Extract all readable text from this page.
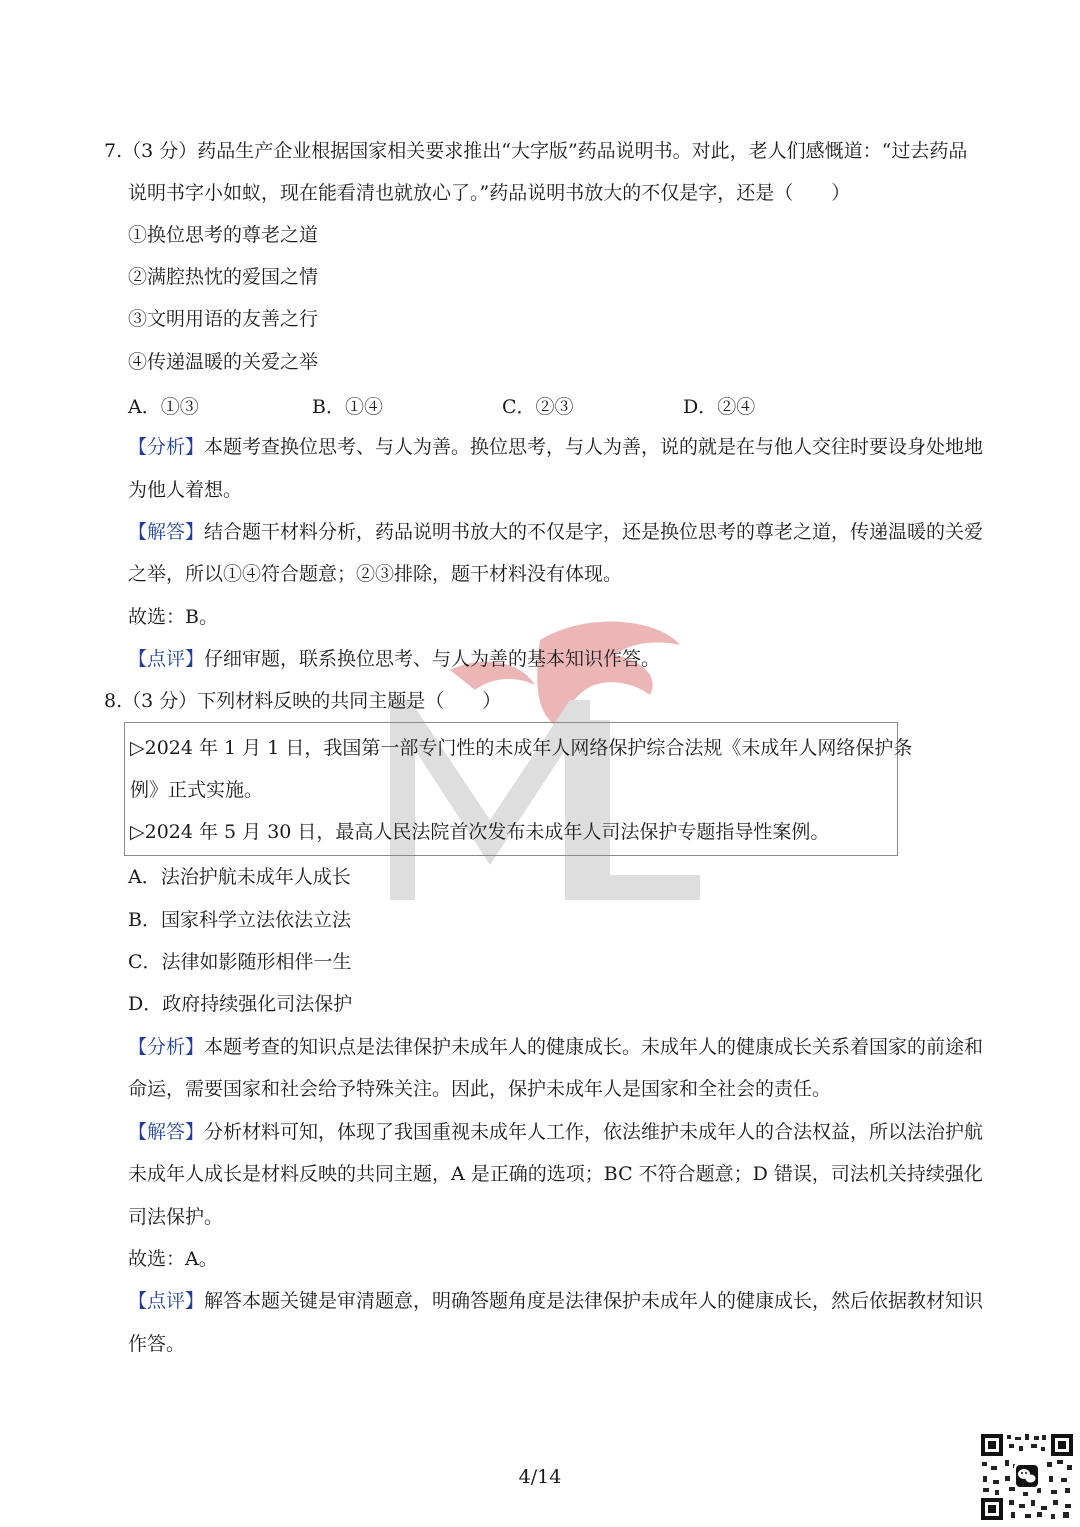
7.（3 分）药品生产企业根据国家相关要求推出“大字版”药品说明书。对此，老人们感慨道：“过去药品
说明书字小如蚁，现在能看清也就放心了。”药品说明书放大的不仅是字，还是（　　）
①换位思考的尊老之道
②满腔热忱的爱国之情
③文明用语的友善之行
④传递温暖的关爱之举
A．①③	B．①④	C．②③	D．②④
【分析】本题考查换位思考、与人为善。换位思考，与人为善，说的就是在与他人交往时要设身处地地
为他人着想。
【解答】结合题干材料分析，药品说明书放大的不仅是字，还是换位思考的尊老之道，传递温暖的关爱
之举，所以①④符合题意；②③排除，题干材料没有体现。
故选：B。
【点评】仔细审题，联系换位思考、与人为善的基本知识作答。
8.（3 分）下列材料反映的共同主题是（　　）
▷2024 年 1 月 1 日，我国第一部专门性的未成年人网络保护综合法规《未成年人网络保护条
例》正式实施。
▷2024 年 5 月 30 日，最高人民法院首次发布未成年人司法保护专题指导性案例。
A．法治护航未成年人成长
B．国家科学立法依法立法
C．法律如影随形相伴一生
D．政府持续强化司法保护
【分析】本题考查的知识点是法律保护未成年人的健康成长。未成年人的健康成长关系着国家的前途和
命运，需要国家和社会给予特殊关注。因此，保护未成年人是国家和全社会的责任。
【解答】分析材料可知，体现了我国重视未成年人工作，依法维护未成年人的合法权益，所以法治护航
未成年人成长是材料反映的共同主题，A 是正确的选项；BC 不符合题意；D 错误，司法机关持续强化
司法保护。
故选：A。
【点评】解答本题关键是审清题意，明确答题角度是法律保护未成年人的健康成长，然后依据教材知识
作答。
4/14
